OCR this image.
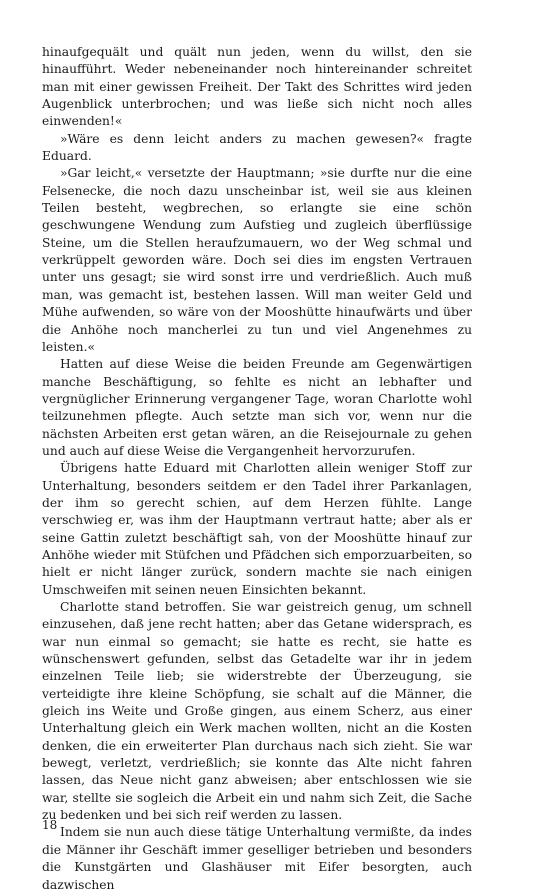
hinaufgequält und quält nun jeden, wenn du willst, den sie hinaufführt. Weder nebeneinander noch hintereinander schreitet man mit einer gewissen Freiheit. Der Takt des Schrittes wird jeden Augenblick unterbrochen; und was ließe sich nicht noch alles einwenden!«

»Wäre es denn leicht anders zu machen gewesen?« fragte Eduard.

»Gar leicht,« versetzte der Hauptmann; »sie durfte nur die eine Felsenecke, die noch dazu unscheinbar ist, weil sie aus kleinen Teilen besteht, wegbrechen, so erlangte sie eine schön geschwungene Wendung zum Aufstieg und zugleich überflüssige Steine, um die Stellen heraufzumauern, wo der Weg schmal und verkrüppelt geworden wäre. Doch sei dies im engsten Vertrauen unter uns gesagt; sie wird sonst irre und verdrießlich. Auch muß man, was gemacht ist, bestehen lassen. Will man weiter Geld und Mühe aufwenden, so wäre von der Mooshütte hinaufwärts und über die Anhöhe noch mancherlei zu tun und viel Angenehmes zu leisten.«

Hatten auf diese Weise die beiden Freunde am Gegenwärtigen manche Beschäftigung, so fehlte es nicht an lebhafter und vergnüglicher Erinnerung vergangener Tage, woran Charlotte wohl teilzunehmen pflegte. Auch setzte man sich vor, wenn nur die nächsten Arbeiten erst getan wären, an die Reisejournale zu gehen und auch auf diese Weise die Vergangenheit hervorzurufen.

Übrigens hatte Eduard mit Charlotten allein weniger Stoff zur Unterhaltung, besonders seitdem er den Tadel ihrer Parkanlagen, der ihm so gerecht schien, auf dem Herzen fühlte. Lange verschwieg er, was ihm der Hauptmann vertraut hatte; aber als er seine Gattin zuletzt beschäftigt sah, von der Mooshütte hinauf zur Anhöhe wieder mit Stüfchen und Pfädchen sich emporzuarbeiten, so hielt er nicht länger zurück, sondern machte sie nach einigen Umschweifen mit seinen neuen Einsichten bekannt.

Charlotte stand betroffen. Sie war geistreich genug, um schnell einzusehen, daß jene recht hatten; aber das Getane widersprach, es war nun einmal so gemacht; sie hatte es recht, sie hatte es wünschenswert gefunden, selbst das Getadelte war ihr in jedem einzelnen Teile lieb; sie widerstrebte der Überzeugung, sie verteidigte ihre kleine Schöpfung, sie schalt auf die Männer, die gleich ins Weite und Große gingen, aus einem Scherz, aus einer Unterhaltung gleich ein Werk machen wollten, nicht an die Kosten denken, die ein erweiterter Plan durchaus nach sich zieht. Sie war bewegt, verletzt, verdrießlich; sie konnte das Alte nicht fahren lassen, das Neue nicht ganz abweisen; aber entschlossen wie sie war, stellte sie sogleich die Arbeit ein und nahm sich Zeit, die Sache zu bedenken und bei sich reif werden zu lassen.

Indem sie nun auch diese tätige Unterhaltung vermißte, da indes die Männer ihr Geschäft immer geselliger betrieben und besonders die Kunstgärten und Glashäuser mit Eifer besorgten, auch dazwischen

18
